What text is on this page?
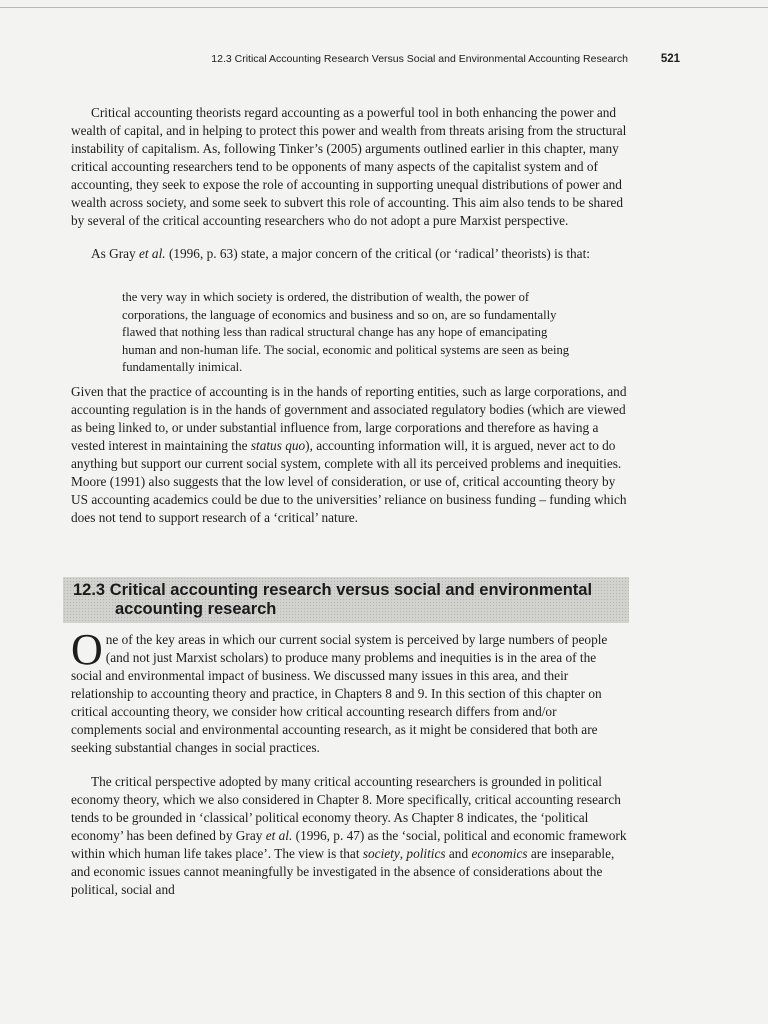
12.3 Critical Accounting Research Versus Social and Environmental Accounting Research	521

Critical accounting theorists regard accounting as a powerful tool in both enhancing the power and wealth of capital, and in helping to protect this power and wealth from threats arising from the structural instability of capitalism. As, following Tinker’s (2005) arguments outlined earlier in this chapter, many critical accounting researchers tend to be opponents of many aspects of the capitalist system and of accounting, they seek to expose the role of accounting in supporting unequal distributions of power and wealth across society, and some seek to subvert this role of accounting. This aim also tends to be shared by several of the critical accounting researchers who do not adopt a pure Marxist perspective.

As Gray et al. (1996, p. 63) state, a major concern of the critical (or ‘radical’ theorists) is that:

the very way in which society is ordered, the distribution of wealth, the power of corporations, the language of economics and business and so on, are so fundamentally flawed that nothing less than radical structural change has any hope of emancipating human and non-human life. The social, economic and political systems are seen as being fundamentally inimical.

Given that the practice of accounting is in the hands of reporting entities, such as large corporations, and accounting regulation is in the hands of government and associated regulatory bodies (which are viewed as being linked to, or under substantial influence from, large corporations and therefore as having a vested interest in maintaining the status quo), accounting information will, it is argued, never act to do anything but support our current social system, complete with all its perceived problems and inequities. Moore (1991) also suggests that the low level of consideration, or use of, critical accounting theory by US accounting academics could be due to the universities’ reliance on business funding – funding which does not tend to support research of a ‘critical’ nature.

12.3 Critical accounting research versus social and environmental
accounting research

One of the key areas in which our current social system is perceived by large numbers of people (and not just Marxist scholars) to produce many problems and inequities is in the area of the social and environmental impact of business. We discussed many issues in this area, and their relationship to accounting theory and practice, in Chapters 8 and 9. In this section of this chapter on critical accounting theory, we consider how critical accounting research differs from and/or complements social and environmental accounting research, as it might be considered that both are seeking substantial changes in social practices.

The critical perspective adopted by many critical accounting researchers is grounded in political economy theory, which we also considered in Chapter 8. More specifically, critical accounting research tends to be grounded in ‘classical’ political economy theory. As Chapter 8 indicates, the ‘political economy’ has been defined by Gray et al. (1996, p. 47) as the ‘social, political and economic framework within which human life takes place’. The view is that society, politics and economics are inseparable, and economic issues cannot meaningfully be investigated in the absence of considerations about the political, social and
